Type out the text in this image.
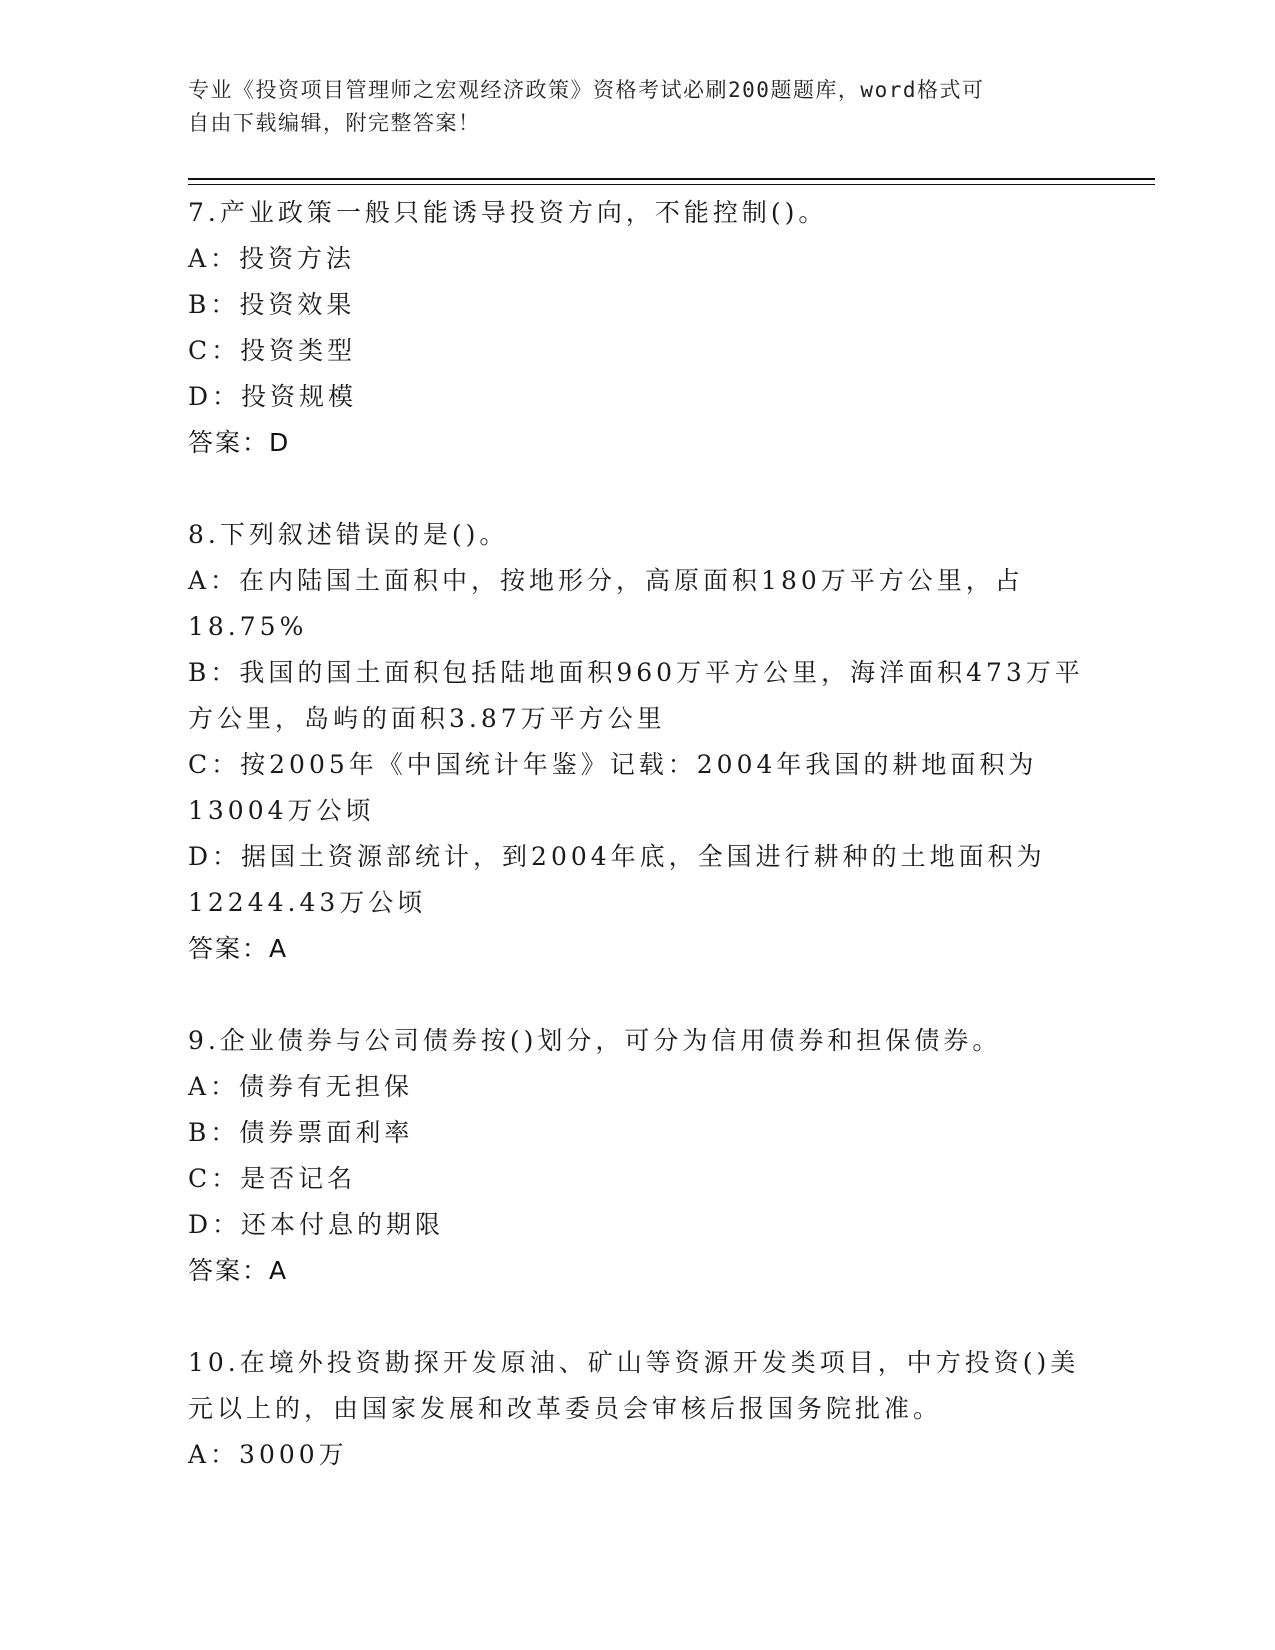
专业《投资项目管理师之宏观经济政策》资格考试必刷200题题库，word格式可
自由下载编辑，附完整答案！
7.产业政策一般只能诱导投资方向，不能控制()。
A：投资方法
B：投资效果
C：投资类型
D：投资规模
答案：D
8.下列叙述错误的是()。
A：在内陆国土面积中，按地形分，高原面积180万平方公里，占
18.75%
B：我国的国土面积包括陆地面积960万平方公里，海洋面积473万平
方公里，岛屿的面积3.87万平方公里
C：按2005年《中国统计年鉴》记载：2004年我国的耕地面积为
13004万公顷
D：据国土资源部统计，到2004年底，全国进行耕种的土地面积为
12244.43万公顷
答案：A
9.企业债券与公司债券按()划分，可分为信用债券和担保债券。
A：债券有无担保
B：债券票面利率
C：是否记名
D：还本付息的期限
答案：A
10.在境外投资勘探开发原油、矿山等资源开发类项目，中方投资()美
元以上的，由国家发展和改革委员会审核后报国务院批准。
A：3000万
